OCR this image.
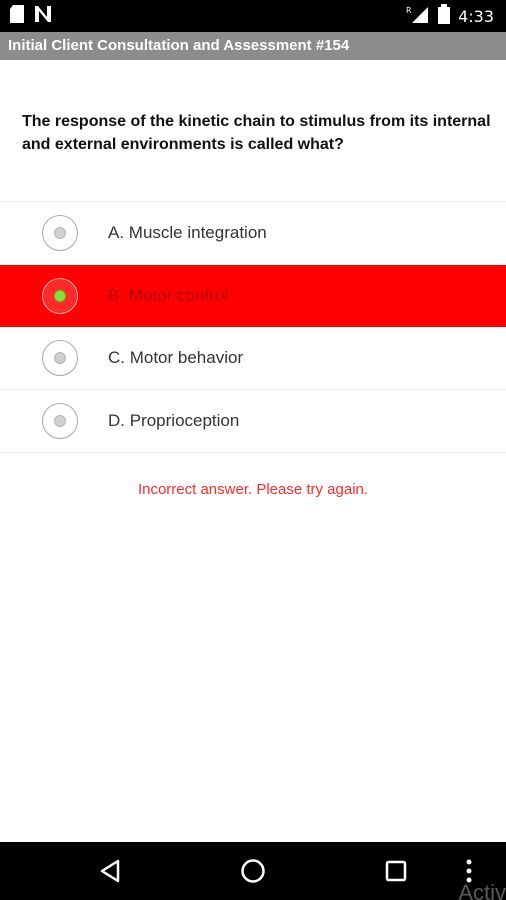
R	4:33
Initial Client Consultation and Assessment #154
The response of the kinetic chain to stimulus from its internal and external environments is called what?
A. Muscle integration
B. Motor control
C. Motor behavior
D. Proprioception
Incorrect answer. Please try again.
Activ
